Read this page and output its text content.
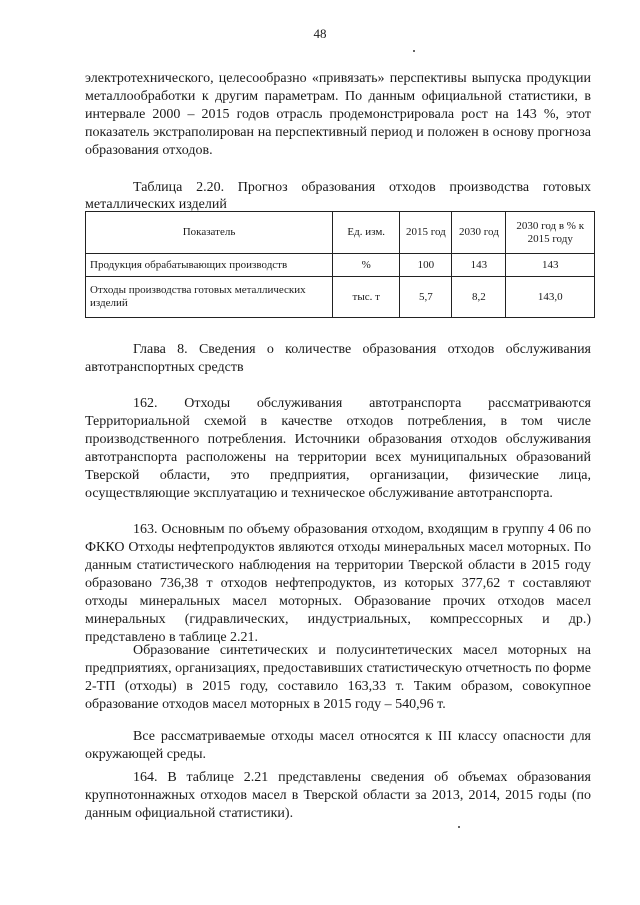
48

электротехнического, целесообразно «привязать» перспективы выпуска продукции металлообработки к другим параметрам. По данным официальной статистики, в интервале 2000 – 2015 годов отрасль продемонстрировала рост на 143 %, этот показатель экстраполирован на перспективный период и положен в основу прогноза образования отходов.

Таблица 2.20. Прогноз образования отходов производства готовых металлических изделий

Показатель	Ед. изм.	2015 год	2030 год	2030 год в % к 2015 году
Продукция обрабатывающих производств	%	100	143	143
Отходы производства готовых металлических изделий	тыс. т	5,7	8,2	143,0

Глава 8. Сведения о количестве образования отходов обслуживания автотранспортных средств

162. Отходы обслуживания автотранспорта рассматриваются Территориальной схемой в качестве отходов потребления, в том числе производственного потребления. Источники образования отходов обслуживания автотранспорта расположены на территории всех муниципальных образований Тверской области, это предприятия, организации, физические лица, осуществляющие эксплуатацию и техническое обслуживание автотранспорта.

163. Основным по объему образования отходом, входящим в группу 4 06 по ФККО Отходы нефтепродуктов являются отходы минеральных масел моторных. По данным статистического наблюдения на территории Тверской области в 2015 году образовано 736,38 т отходов нефтепродуктов, из которых 377,62 т составляют отходы минеральных масел моторных. Образование прочих отходов масел минеральных (гидравлических, индустриальных, компрессорных и др.) представлено в таблице 2.21.

Образование синтетических и полусинтетических масел моторных на предприятиях, организациях, предоставивших статистическую отчетность по форме 2-ТП (отходы) в 2015 году, составило 163,33 т. Таким образом, совокупное образование отходов масел моторных в 2015 году – 540,96 т.

Все рассматриваемые отходы масел относятся к III классу опасности для окружающей среды.

164. В таблице 2.21 представлены сведения об объемах образования крупнотоннажных отходов масел в Тверской области за 2013, 2014, 2015 годы (по данным официальной статистики).
